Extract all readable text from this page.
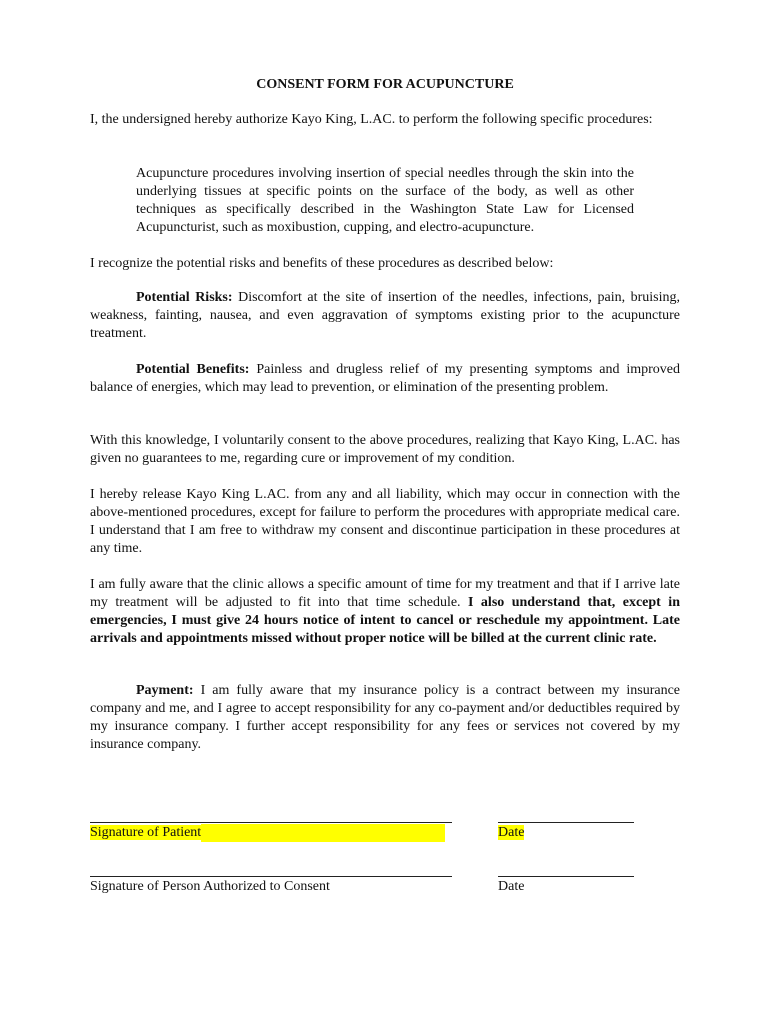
CONSENT FORM FOR ACUPUNCTURE

I, the undersigned hereby authorize Kayo King, L.AC. to perform the following specific procedures:

Acupuncture procedures involving insertion of special needles through the skin into the underlying tissues at specific points on the surface of the body, as well as other techniques as specifically described in the Washington State Law for Licensed Acupuncturist, such as moxibustion, cupping, and electro-acupuncture.

I recognize the potential risks and benefits of these procedures as described below:

Potential Risks: Discomfort at the site of insertion of the needles, infections, pain, bruising, weakness, fainting, nausea, and even aggravation of symptoms existing prior to the acupuncture treatment.

Potential Benefits: Painless and drugless relief of my presenting symptoms and improved balance of energies, which may lead to prevention, or elimination of the presenting problem.

With this knowledge, I voluntarily consent to the above procedures, realizing that Kayo King, L.AC. has given no guarantees to me, regarding cure or improvement of my condition.

I hereby release Kayo King L.AC. from any and all liability, which may occur in connection with the above-mentioned procedures, except for failure to perform the procedures with appropriate medical care. I understand that I am free to withdraw my consent and discontinue participation in these procedures at any time.

I am fully aware that the clinic allows a specific amount of time for my treatment and that if I arrive late my treatment will be adjusted to fit into that time schedule. I also understand that, except in emergencies, I must give 24 hours notice of intent to cancel or reschedule my appointment. Late arrivals and appointments missed without proper notice will be billed at the current clinic rate.

Payment: I am fully aware that my insurance policy is a contract between my insurance company and me, and I agree to accept responsibility for any co-payment and/or deductibles required by my insurance company. I further accept responsibility for any fees or services not covered by my insurance company.

Signature of Patient	Date
Signature of Person Authorized to Consent	Date
